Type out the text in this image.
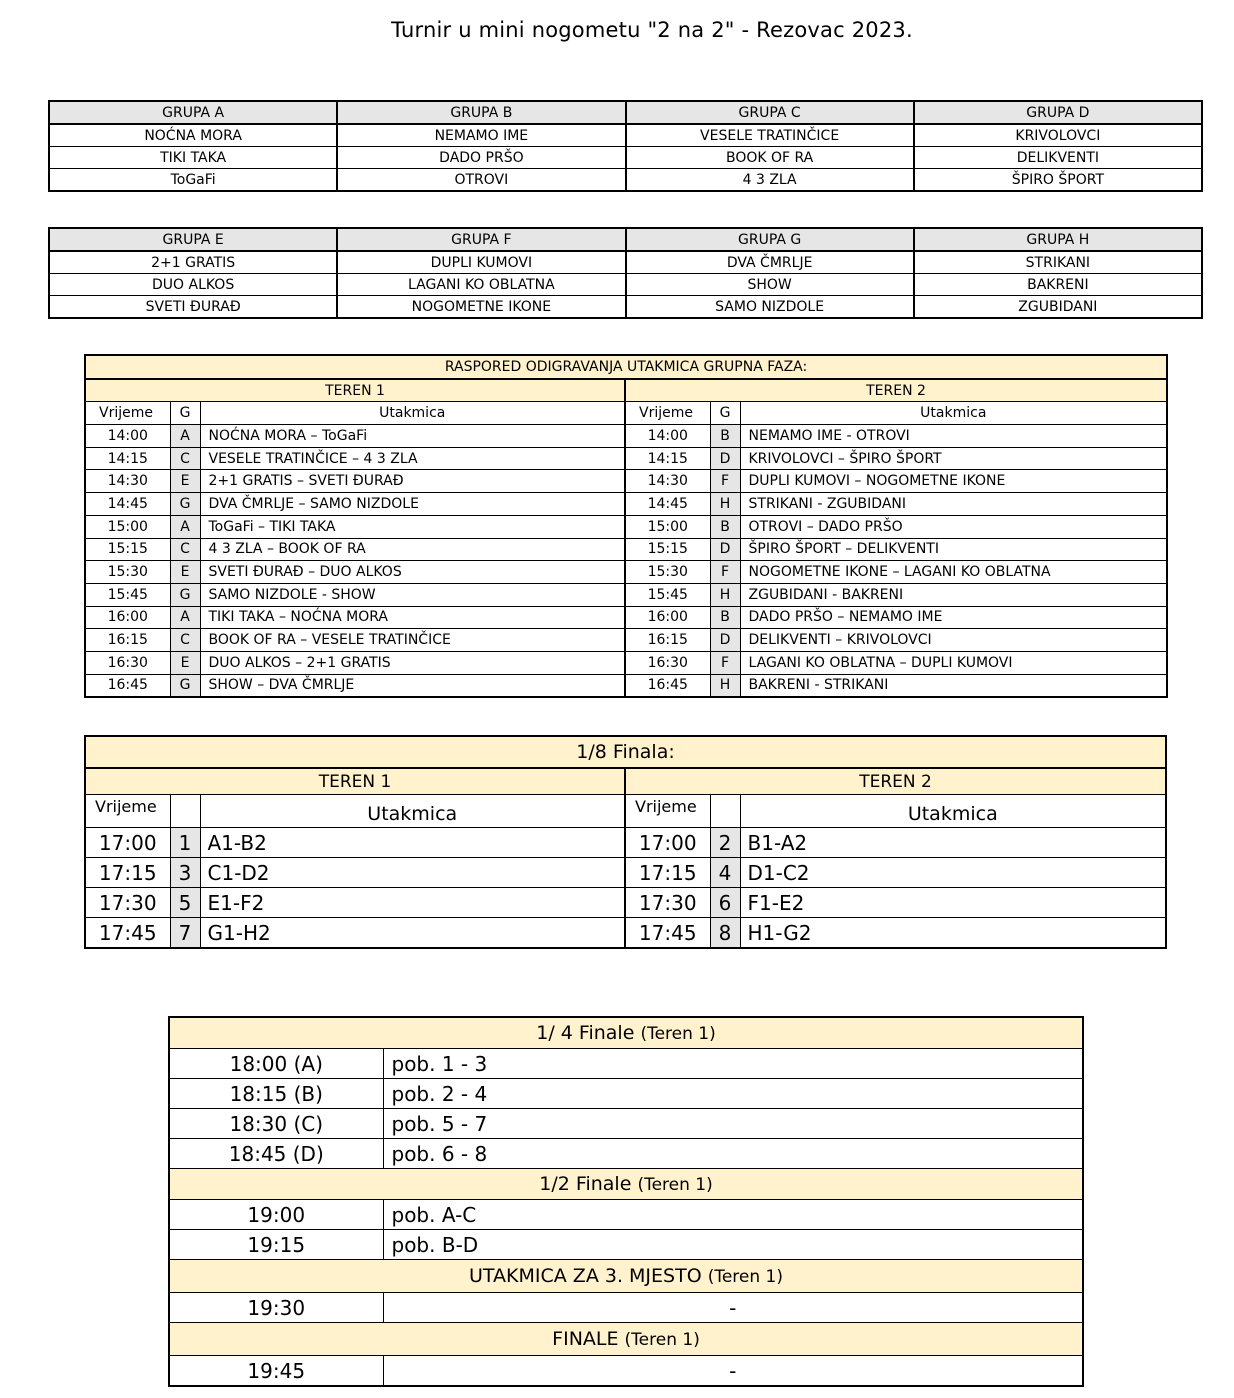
Turnir u mini nogometu "2 na 2" - Rezovac 2023.
GRUPA A	GRUPA B	GRUPA C	GRUPA D
NOĆNA MORA	NEMAMO IME	VESELE TRATINČICE	KRIVOLOVCI
TIKI TAKA	DADO PRŠO	BOOK OF RA	DELIKVENTI
ToGaFi	OTROVI	4 3 ZLA	ŠPIRO ŠPORT
GRUPA E	GRUPA F	GRUPA G	GRUPA H
2+1 GRATIS	DUPLI KUMOVI	DVA ČMRLJE	STRIKANI
DUO ALKOS	LAGANI KO OBLATNA	SHOW	BAKRENI
SVETI ĐURAĐ	NOGOMETNE IKONE	SAMO NIZDOLE	ZGUBIDANI
RASPORED ODIGRAVANJA UTAKMICA GRUPNA FAZA:					
TEREN 1			TEREN 2		
Vrijeme	G	Utakmica	Vrijeme	G	Utakmica
14:00	A	NOĆNA MORA – ToGaFi	14:00	B	NEMAMO IME - OTROVI
14:15	C	VESELE TRATINČICE – 4 3 ZLA	14:15	D	KRIVOLOVCI – ŠPIRO ŠPORT
14:30	E	2+1 GRATIS – SVETI ĐURAĐ	14:30	F	DUPLI KUMOVI – NOGOMETNE IKONE
14:45	G	DVA ČMRLJE – SAMO NIZDOLE	14:45	H	STRIKANI - ZGUBIDANI
15:00	A	ToGaFi – TIKI TAKA	15:00	B	OTROVI – DADO PRŠO
15:15	C	4 3 ZLA – BOOK OF RA	15:15	D	ŠPIRO ŠPORT – DELIKVENTI
15:30	E	SVETI ĐURAĐ – DUO ALKOS	15:30	F	NOGOMETNE IKONE – LAGANI KO OBLATNA
15:45	G	SAMO NIZDOLE - SHOW	15:45	H	ZGUBIDANI - BAKRENI
16:00	A	TIKI TAKA – NOĆNA MORA	16:00	B	DADO PRŠO – NEMAMO IME
16:15	C	BOOK OF RA – VESELE TRATINČICE	16:15	D	DELIKVENTI – KRIVOLOVCI
16:30	E	DUO ALKOS – 2+1 GRATIS	16:30	F	LAGANI KO OBLATNA – DUPLI KUMOVI
16:45	G	SHOW – DVA ČMRLJE	16:45	H	BAKRENI - STRIKANI
1/8 Finala:					
TEREN 1			TEREN 2		
Vrijeme		Utakmica	Vrijeme		Utakmica
17:00	1	A1-B2	17:00	2	B1-A2
17:15	3	C1-D2	17:15	4	D1-C2
17:30	5	E1-F2	17:30	6	F1-E2
17:45	7	G1-H2	17:45	8	H1-G2
1/ 4 Finale (Teren 1)	
18:00 (A)	pob. 1 - 3
18:15 (B)	pob. 2 - 4
18:30 (C)	pob. 5 - 7
18:45 (D)	pob. 6 - 8
1/2 Finale (Teren 1)	
19:00	pob. A-C
19:15	pob. B-D
UTAKMICA ZA 3. MJESTO (Teren 1)	
19:30	-
FINALE (Teren 1)	
19:45	-
